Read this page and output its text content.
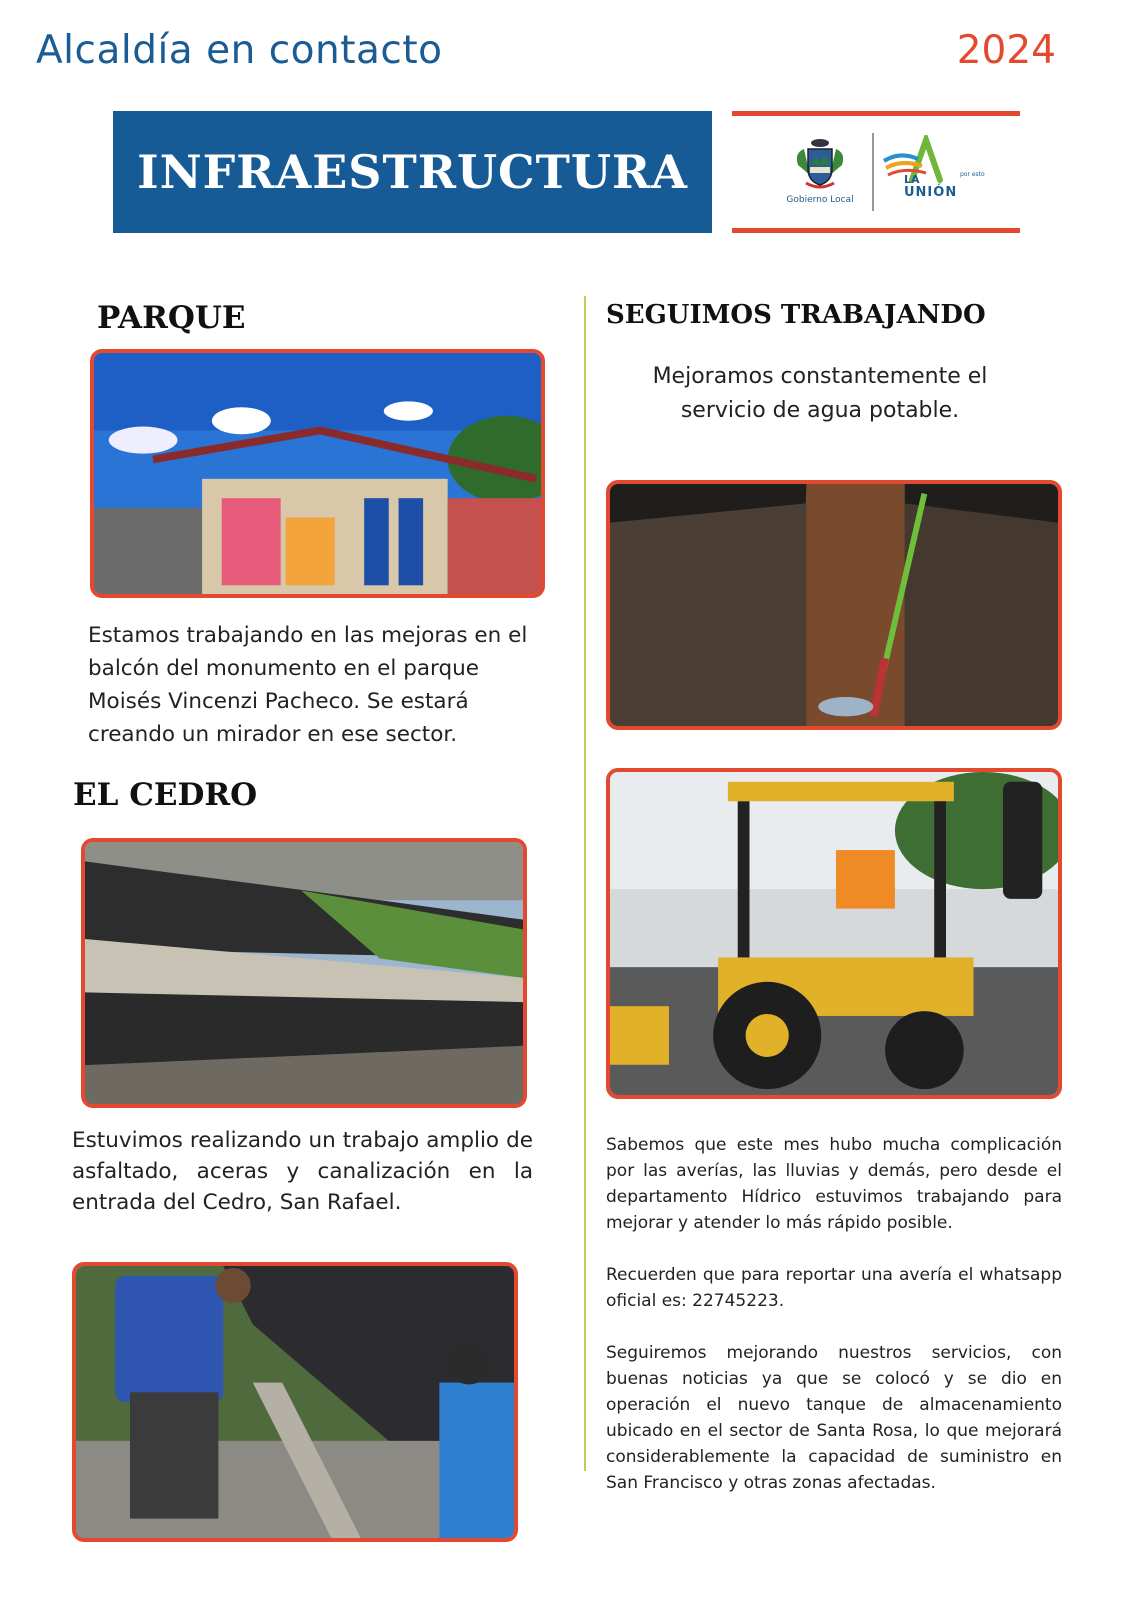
Alcaldía en contacto	2024
INFRAESTRUCTURA
Gobierno Local
por esto
LA
UNIÓN
PARQUE
Estamos trabajando en las mejoras en el balcón del monumento en el parque Moisés Vincenzi Pacheco. Se estará creando un mirador en ese sector.
EL CEDRO
Estuvimos realizando un trabajo amplio de asfaltado, aceras y canalización en la entrada del Cedro, San Rafael.
SEGUIMOS TRABAJANDO
Mejoramos constantemente el servicio de agua potable.

Sabemos que este mes hubo mucha complicación por las averías, las lluvias y demás, pero desde el departamento Hídrico estuvimos trabajando para mejorar y atender lo más rápido posible.

Recuerden que para reportar una avería el whatsapp oficial es: 22745223.

Seguiremos mejorando nuestros servicios, con buenas noticias ya que se colocó y se dio en operación el nuevo tanque de almacenamiento ubicado en el sector de Santa Rosa, lo que mejorará considerablemente la capacidad de suministro en San Francisco y otras zonas afectadas.
